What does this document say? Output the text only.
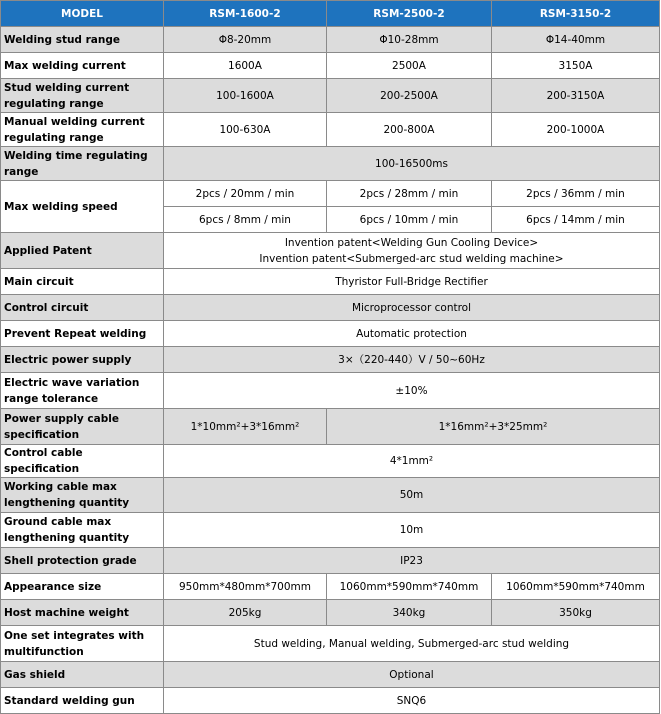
MODEL	RSM-1600-2	RSM-2500-2	RSM-3150-2
Welding stud range	Φ8-20mm	Φ10-28mm	Φ14-40mm
Max welding current	1600A	2500A	3150A
Stud welding current regulating range	100-1600A	200-2500A	200-3150A
Manual welding current regulating range	100-630A	200-800A	200-1000A
Welding time regulating range	100-16500ms		
Max welding speed	2pcs / 20mm / min	2pcs / 28mm / min	2pcs / 36mm / min
	6pcs / 8mm / min	6pcs / 10mm / min	6pcs / 14mm / min
Applied Patent	Invention patent<Welding Gun Cooling Device>
Invention patent<Submerged-arc stud welding machine>		

Main circuit	Thyristor Full-Bridge Rectifier		
Control circuit	Microprocessor control		
Prevent Repeat welding	Automatic protection		
Electric power supply	3×（220-440）V / 50~60Hz		
Electric wave variation range tolerance	±10%		
Power supply cable specification	1*10mm²+3*16mm²	1*16mm²+3*25mm²	
Control cable specification	4*1mm²		
Working cable max lengthening quantity	50m		
Ground cable max lengthening quantity	10m		
Shell protection grade	IP23		
Appearance size	950mm*480mm*700mm	1060mm*590mm*740mm	1060mm*590mm*740mm
Host machine weight	205kg	340kg	350kg
One set integrates with multifunction	Stud welding, Manual welding, Submerged-arc stud welding		
Gas shield	Optional		
Standard welding gun	SNQ6		
